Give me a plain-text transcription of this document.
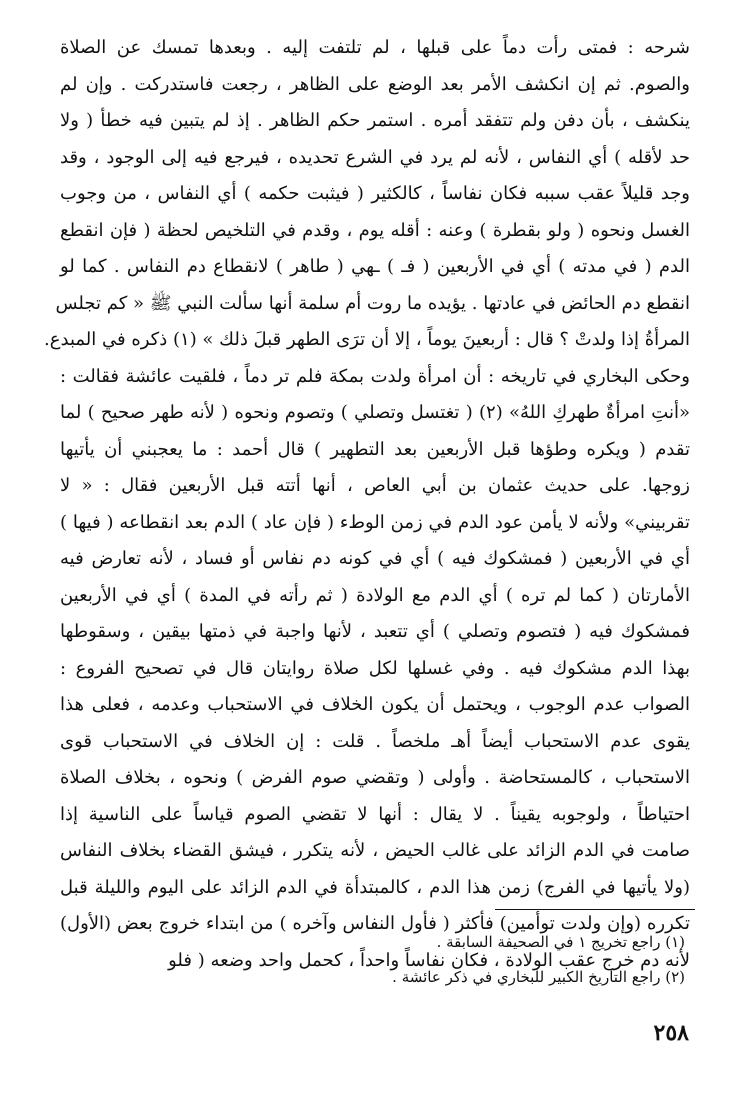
شرحه : فمتى رأت دماً على قبلها ، لم تلتفت إليه . وبعدها تمسك عن الصلاة
والصوم. ثم إن انكشف الأمر بعد الوضع على الظاهر ، رجعت فاستدركت . وإن لم
ينكشف ، بأن دفن ولم تتفقد أمره . استمر حكم الظاهر . إذ لم يتبين فيه خطأ ( ولا
حد لأقله ) أي النفاس ، لأنه لم يرد في الشرع تحديده ، فيرجع فيه إلى الوجود ، وقد
وجد قليلاً عقب سببه فكان نفاساً ، كالكثير ( فيثبت حكمه ) أي النفاس ، من وجوب
الغسل ونحوه ( ولو بقطرة ) وعنه : أقله يوم ، وقدم في التلخيص لحظة ( فإن انقطع
الدم ( في مدته ) أي في الأربعين ( فـ ) ـهي ( طاهر ) لانقطاع دم النفاس . كما لو
انقطع دم الحائض في عادتها . يؤيده ما روت أم سلمة أنها سألت النبي ﷺ « كم تجلس
المرأةُ إذا ولدتْ ؟ قال : أربعينَ يوماً ، إلا أن ترَى الطهر قبلَ ذلك » (١) ذكره في المبدع.
وحكى البخاري في تاريخه : أن امرأة ولدت بمكة فلم تر دماً ، فلقيت عائشة فقالت :
«أنتِ امرأةٌ طهركِ اللهُ» (٢) ( تغتسل وتصلي ) وتصوم ونحوه ( لأنه طهر صحيح ) لما
تقدم ( ويكره وطؤها قبل الأربعين بعد التطهير ) قال أحمد : ما يعجبني أن يأتيها
زوجها. على حديث عثمان بن أبي العاص ، أنها أتته قبل الأربعين فقال : « لا
تقربيني» ولأنه لا يأمن عود الدم في زمن الوطء ( فإن عاد ) الدم بعد انقطاعه ( فيها )
أي في الأربعين ( فمشكوك فيه ) أي في كونه دم نفاس أو فساد ، لأنه تعارض فيه
الأمارتان ( كما لم تره ) أي الدم مع الولادة ( ثم رأته في المدة ) أي في الأربعين
فمشكوك فيه ( فتصوم وتصلي ) أي تتعبد ، لأنها واجبة في ذمتها بيقين ، وسقوطها
بهذا الدم مشكوك فيه . وفي غسلها لكل صلاة روايتان قال في تصحيح الفروع :
الصواب عدم الوجوب ، ويحتمل أن يكون الخلاف في الاستحباب وعدمه ، فعلى هذا
يقوى عدم الاستحباب أيضاً أهـ ملخصاً . قلت : إن الخلاف في الاستحباب قوى
الاستحباب ، كالمستحاضة . وأولى ( وتقضي صوم الفرض ) ونحوه ، بخلاف الصلاة
احتياطاً ، ولوجوبه يقيناً . لا يقال : أنها لا تقضي الصوم قياساً على الناسية إذا
صامت في الدم الزائد على غالب الحيض ، لأنه يتكرر ، فيشق القضاء بخلاف النفاس
(ولا يأتيها في الفرج) زمن هذا الدم ، كالمبتدأة في الدم الزائد على اليوم والليلة قبل
تكرره (وإن ولدت توأمين) فأكثر ( فأول النفاس وآخره ) من ابتداء خروج بعض (الأول)
لأنه دم خرج عقب الولادة ، فكان نفاساً واحداً ، كحمل واحد وضعه ( فلو
(١) راجع تخريج ١ في الصحيفة السابقة .
(٢) راجع التاريخ الكبير للبخاري في ذكر عائشة .
٢٥٨
